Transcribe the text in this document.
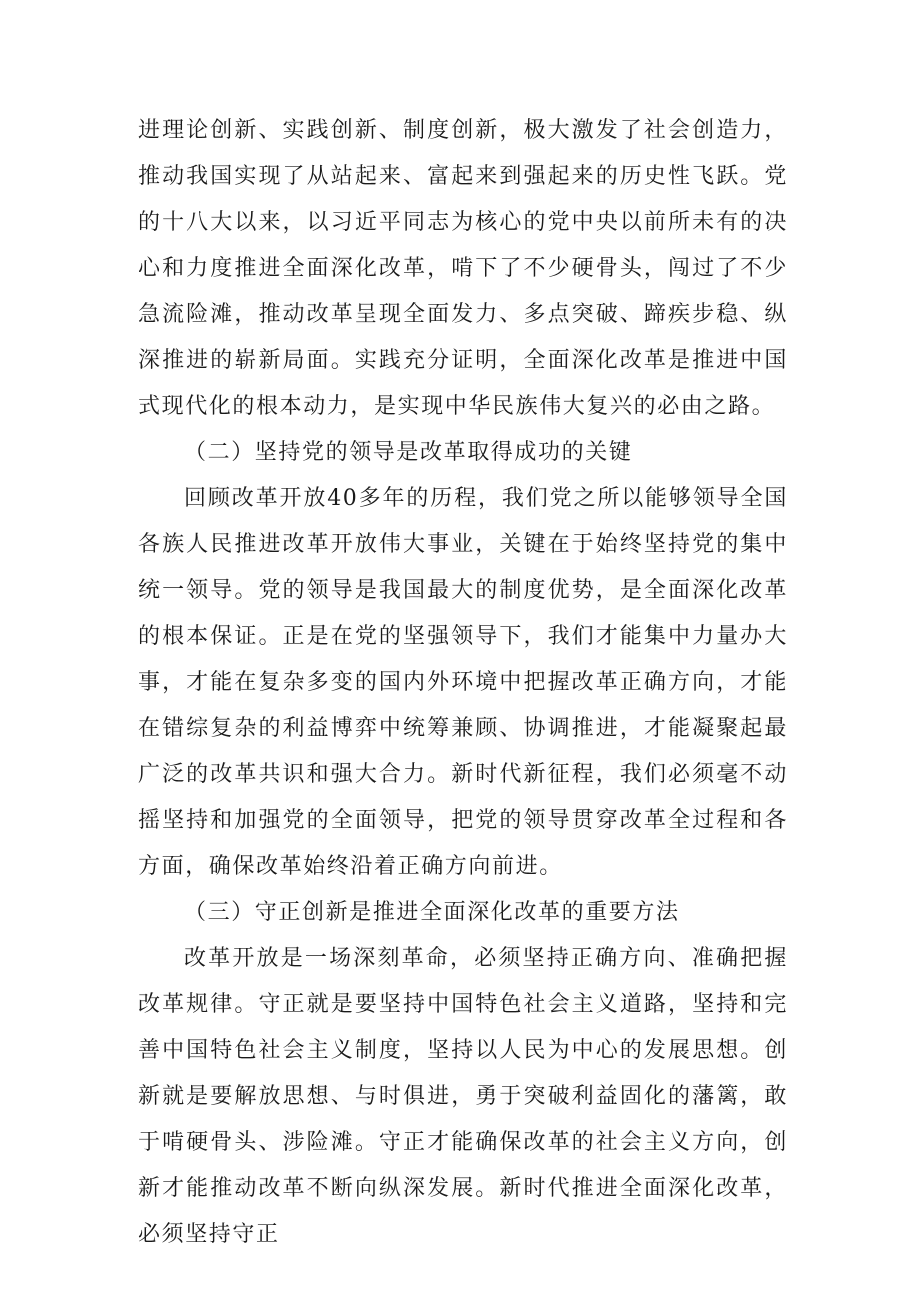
进理论创新、实践创新、制度创新，极大激发了社会创造力，推动我国实现了从站起来、富起来到强起来的历史性飞跃。党的十八大以来，以习近平同志为核心的党中央以前所未有的决心和力度推进全面深化改革，啃下了不少硬骨头，闯过了不少急流险滩，推动改革呈现全面发力、多点突破、蹄疾步稳、纵深推进的崭新局面。实践充分证明，全面深化改革是推进中国式现代化的根本动力，是实现中华民族伟大复兴的必由之路。

（二）坚持党的领导是改革取得成功的关键

回顾改革开放40多年的历程，我们党之所以能够领导全国各族人民推进改革开放伟大事业，关键在于始终坚持党的集中统一领导。党的领导是我国最大的制度优势，是全面深化改革的根本保证。正是在党的坚强领导下，我们才能集中力量办大事，才能在复杂多变的国内外环境中把握改革正确方向，才能在错综复杂的利益博弈中统筹兼顾、协调推进，才能凝聚起最广泛的改革共识和强大合力。新时代新征程，我们必须毫不动摇坚持和加强党的全面领导，把党的领导贯穿改革全过程和各方面，确保改革始终沿着正确方向前进。

（三）守正创新是推进全面深化改革的重要方法

改革开放是一场深刻革命，必须坚持正确方向、准确把握改革规律。守正就是要坚持中国特色社会主义道路，坚持和完善中国特色社会主义制度，坚持以人民为中心的发展思想。创新就是要解放思想、与时俱进，勇于突破利益固化的藩篱，敢于啃硬骨头、涉险滩。守正才能确保改革的社会主义方向，创新才能推动改革不断向纵深发展。新时代推进全面深化改革，必须坚持守正
